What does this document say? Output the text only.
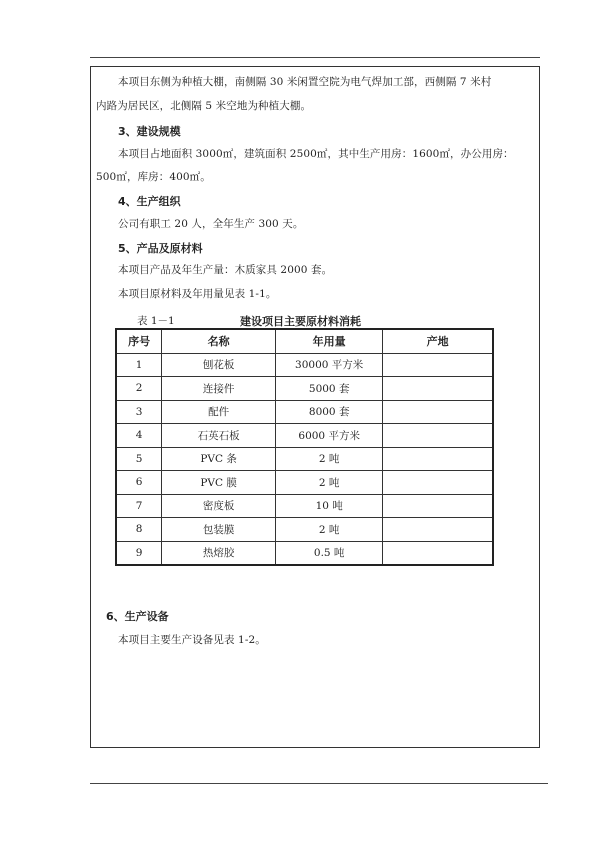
本项目东侧为种植大棚，南侧隔 30 米闲置空院为电气焊加工部，西侧隔 7 米村
内路为居民区，北侧隔 5 米空地为种植大棚。
3、建设规模
本项目占地面积 3000㎡，建筑面积 2500㎡，其中生产用房：1600㎡，办公用房：
500㎡，库房：400㎡。
4、生产组织
公司有职工 20 人，全年生产 300 天。
5、产品及原材料
本项目产品及年生产量：木质家具 2000 套。
本项目原材料及年用量见表 1-1。
表 1－1	建设项目主要原材料消耗
序号	名称	年用量	产地
1	刨花板	30000 平方米	
2	连接件	5000 套	
3	配件	8000 套	
4	石英石板	6000 平方米	
5	PVC 条	2 吨	
6	PVC 膜	2 吨	
7	密度板	10 吨	
8	包装膜	2 吨	
9	热熔胶	0.5 吨	
6、生产设备
本项目主要生产设备见表 1-2。
